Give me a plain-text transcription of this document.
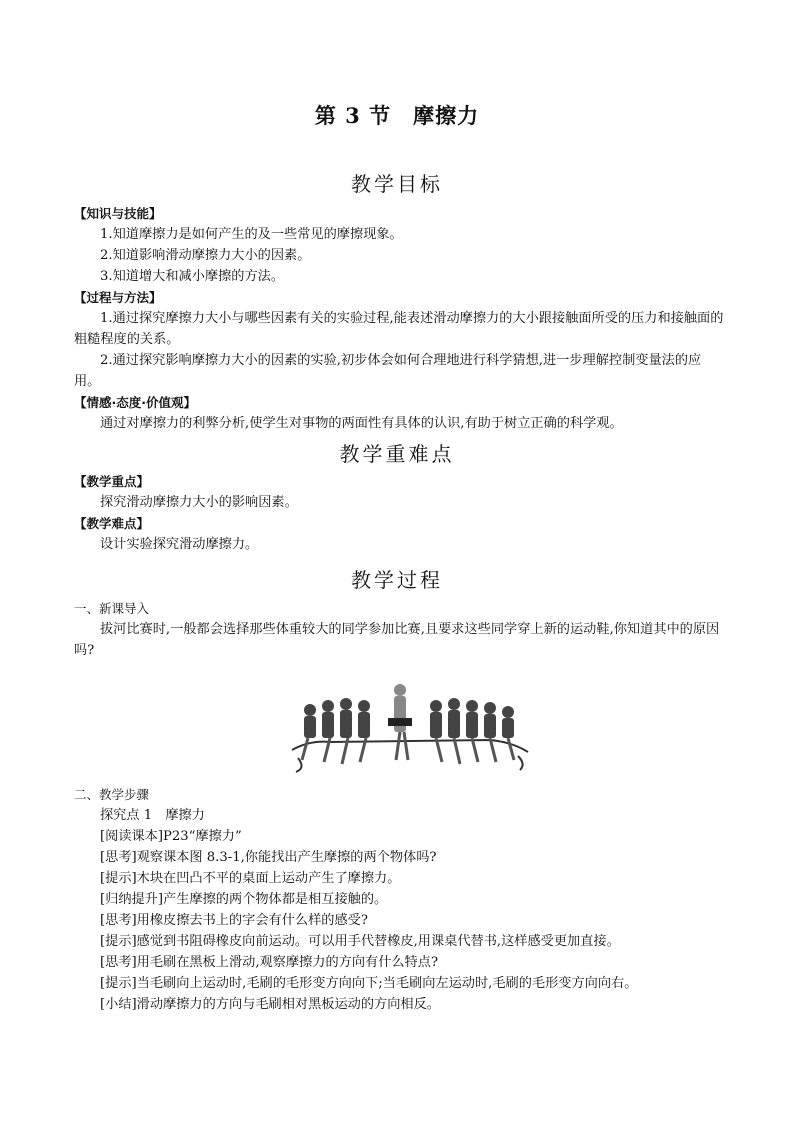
第 3 节　摩擦力
教学目标
【知识与技能】

1.知道摩擦力是如何产生的及一些常见的摩擦现象。

2.知道影响滑动摩擦力大小的因素。

3.知道增大和减小摩擦的方法。

【过程与方法】

1.通过探究摩擦力大小与哪些因素有关的实验过程,能表述滑动摩擦力的大小跟接触面所受的压力和接触面的粗糙程度的关系。

2.通过探究影响摩擦力大小的因素的实验,初步体会如何合理地进行科学猜想,进一步理解控制变量法的应用。

【情感·态度·价值观】

通过对摩擦力的利弊分析,使学生对事物的两面性有具体的认识,有助于树立正确的科学观。

教学重难点
【教学重点】

探究滑动摩擦力大小的影响因素。

【教学难点】

设计实验探究滑动摩擦力。

教学过程
一、新课导入

拔河比赛时,一般都会选择那些体重较大的同学参加比赛,且要求这些同学穿上新的运动鞋,你知道其中的原因吗?

二、教学步骤

探究点 1　摩擦力

[阅读课本]P23“摩擦力”

[思考]观察课本图 8.3-1,你能找出产生摩擦的两个物体吗?

[提示]木块在凹凸不平的桌面上运动产生了摩擦力。

[归纳提升]产生摩擦的两个物体都是相互接触的。

[思考]用橡皮擦去书上的字会有什么样的感受?

[提示]感觉到书阻碍橡皮向前运动。可以用手代替橡皮,用课桌代替书,这样感受更加直接。

[思考]用毛刷在黑板上滑动,观察摩擦力的方向有什么特点?

[提示]当毛刷向上运动时,毛刷的毛形变方向向下;当毛刷向左运动时,毛刷的毛形变方向向右。

[小结]滑动摩擦力的方向与毛刷相对黑板运动的方向相反。
